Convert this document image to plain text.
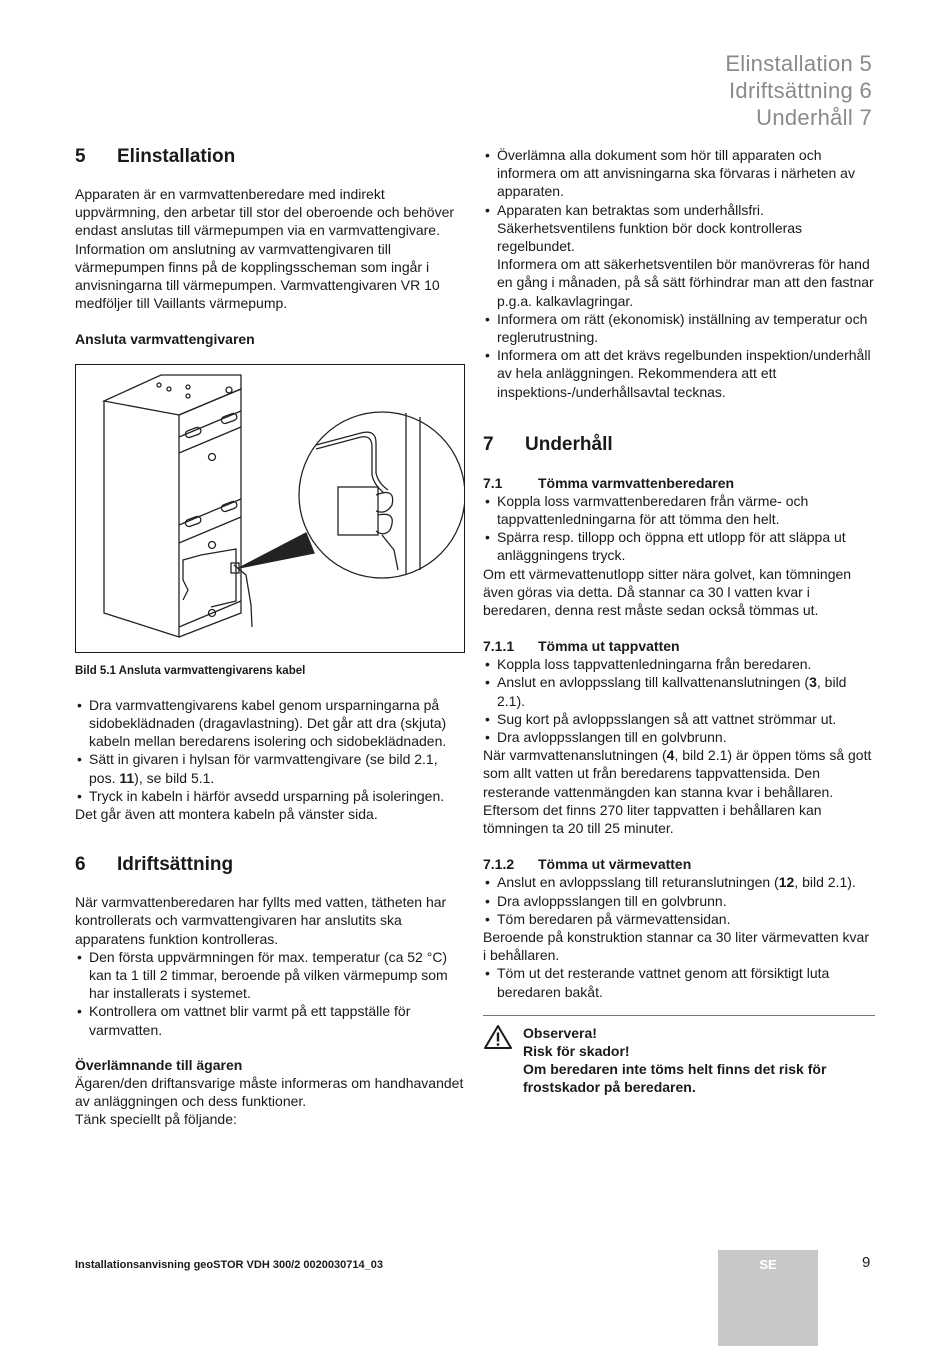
Elinstallation 5
Idriftsättning 6
Underhåll 7
5	Elinstallation

Apparaten är en varmvattenberedare med indirekt uppvärmning, den arbetar till stor del oberoende och behöver endast anslutas till värmepumpen via en varmvattengivare. Information om anslutning av varmvattengivaren till värmepumpen finns på de kopplingsscheman som ingår i anvisningarna till värmepumpen. Varmvattengivaren VR 10 medföljer till Vaillants värmepump.

Ansluta varmvattengivaren

Bild 5.1 Ansluta varmvattengivarens kabel

• Dra varmvattengivarens kabel genom ursparningarna på sidobeklädnaden (dragavlastning). Det går att dra (skjuta) kabeln mellan beredarens isolering och sidobeklädnaden.
• Sätt in givaren i hylsan för varmvattengivare (se bild 2.1, pos. 11), se bild 5.1.
• Tryck in kabeln i härför avsedd ursparning på isoleringen.

Det går även att montera kabeln på vänster sida.

6	Idriftsättning

När varmvattenberedaren har fyllts med vatten, tätheten har kontrollerats och varmvattengivaren har anslutits ska apparatens funktion kontrolleras.

• Den första uppvärmningen för max. temperatur (ca 52 °C) kan ta 1 till 2 timmar, beroende på vilken värmepump som har installerats i systemet.
• Kontrollera om vattnet blir varmt på ett tappställe för varmvatten.

Överlämnande till ägaren

Ägaren/den driftansvarige måste informeras om handhavandet av anläggningen och dess funktioner.

Tänk speciellt på följande:

• Överlämna alla dokument som hör till apparaten och informera om att anvisningarna ska förvaras i närheten av apparaten.
• Apparaten kan betraktas som underhållsfri. Säkerhetsventilens funktion bör dock kontrolleras regelbundet.
Informera om att säkerhetsventilen bör manövreras för hand en gång i månaden, på så sätt förhindrar man att den fastnar p.g.a. kalkavlagringar.
• Informera om rätt (ekonomisk) inställning av temperatur och reglerutrustning.
• Informera om att det krävs regelbunden inspektion/underhåll av hela anläggningen. Rekommendera att ett inspektions-/underhållsavtal tecknas.
7	Underhåll
7.1	Tömma varmvattenberedaren
• Koppla loss varmvattenberedaren från värme- och tappvattenledningarna för att tömma den helt.
• Spärra resp. tillopp och öppna ett utlopp för att släppa ut anläggningens tryck.

Om ett värmevattenutlopp sitter nära golvet, kan tömningen även göras via detta. Då stannar ca 30 l vatten kvar i beredaren, denna rest måste sedan också tömmas ut.

7.1.1	Tömma ut tappvatten
• Koppla loss tappvattenledningarna från beredaren.
• Anslut en avloppsslang till kallvattenanslutningen (3, bild 2.1).
• Sug kort på avloppsslangen så att vattnet strömmar ut.
• Dra avloppsslangen till en golvbrunn.

När varmvattenanslutningen (4, bild 2.1) är öppen töms så gott som allt vatten ut från beredarens tappvattensida. Den resterande vattenmängden kan stanna kvar i behållaren.

Eftersom det finns 270 liter tappvatten i behållaren kan tömningen ta 20 till 25 minuter.

7.1.2	Tömma ut värmevatten
• Anslut en avloppsslang till returanslutningen (12, bild 2.1).
• Dra avloppsslangen till en golvbrunn.
• Töm beredaren på värmevattensidan.

Beroende på konstruktion stannar ca 30 liter värmevatten kvar i behållaren.

• Töm ut det resterande vattnet genom att försiktigt luta beredaren bakåt.
Observera!
Risk för skador!
Om beredaren inte töms helt finns det risk för frostskador på beredaren.
Installationsanvisning geoSTOR VDH 300/2 0020030714_03	SE	9
